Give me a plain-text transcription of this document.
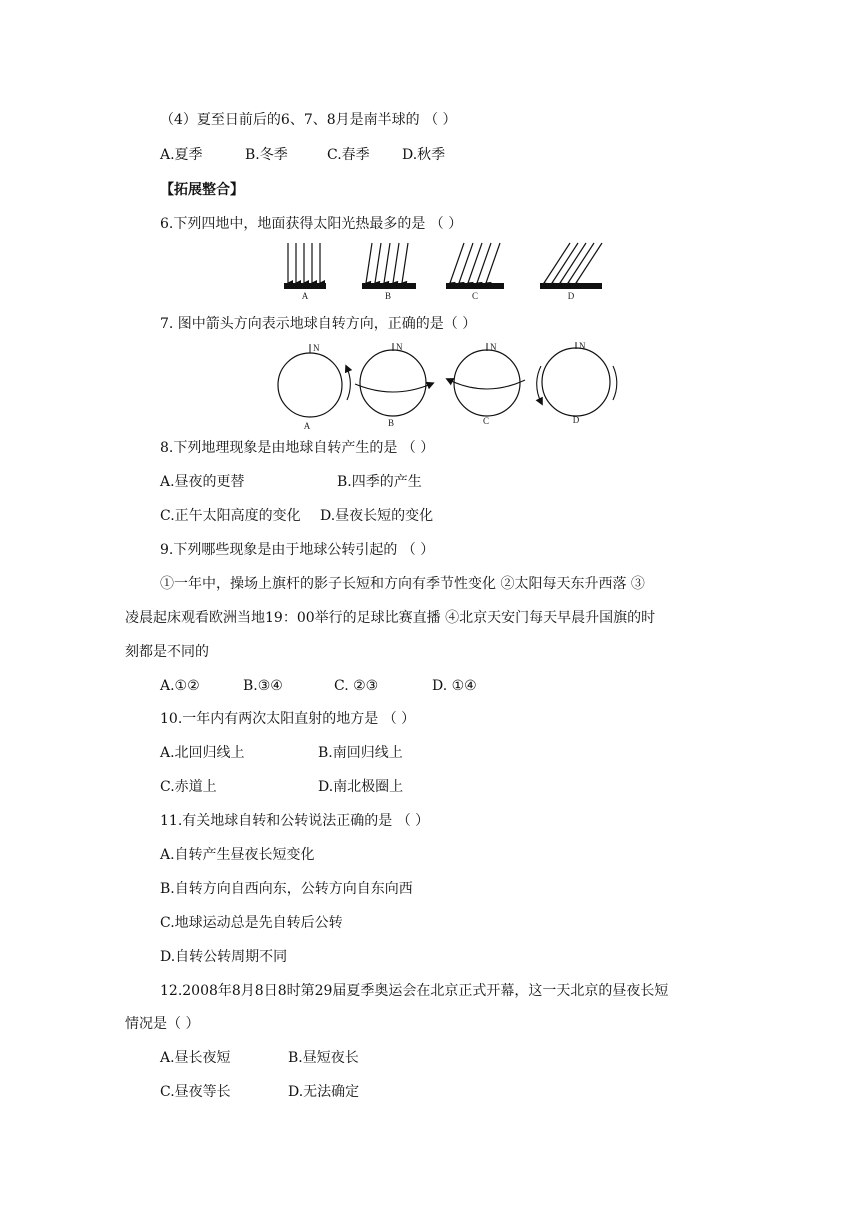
（4）夏至日前后的6、7、8月是南半球的 （ ）
A.夏季	B.冬季	C.春季 D.秋季
【拓展整合】
6.下列四地中，地面获得太阳光热最多的是 （ ）
A	B	C	D
7. 图中箭头方向表示地球自转方向，正确的是（ ）
N
A
N
B
N
C
N
D
8.下列地理现象是由地球自转产生的是 （ ）
A.昼夜的更替	B.四季的产生
C.正午太阳高度的变化 D.昼夜长短的变化
9.下列哪些现象是由于地球公转引起的 （ ）
①一年中，操场上旗杆的影子长短和方向有季节性变化 ②太阳每天东升西落 ③
凌晨起床观看欧洲当地19：00举行的足球比赛直播 ④北京天安门每天早晨升国旗的时
刻都是不同的
A.①②	B.③④	C. ②③	D. ①④
10.一年内有两次太阳直射的地方是 （ ）
A.北回归线上	B.南回归线上
C.赤道上	D.南北极圈上
11.有关地球自转和公转说法正确的是 （ ）
A.自转产生昼夜长短变化
B.自转方向自西向东，公转方向自东向西
C.地球运动总是先自转后公转
D.自转公转周期不同
12.2008年8月8日8时第29届夏季奥运会在北京正式开幕，这一天北京的昼夜长短
情况是（ ）
A.昼长夜短	B.昼短夜长
C.昼夜等长	D.无法确定
